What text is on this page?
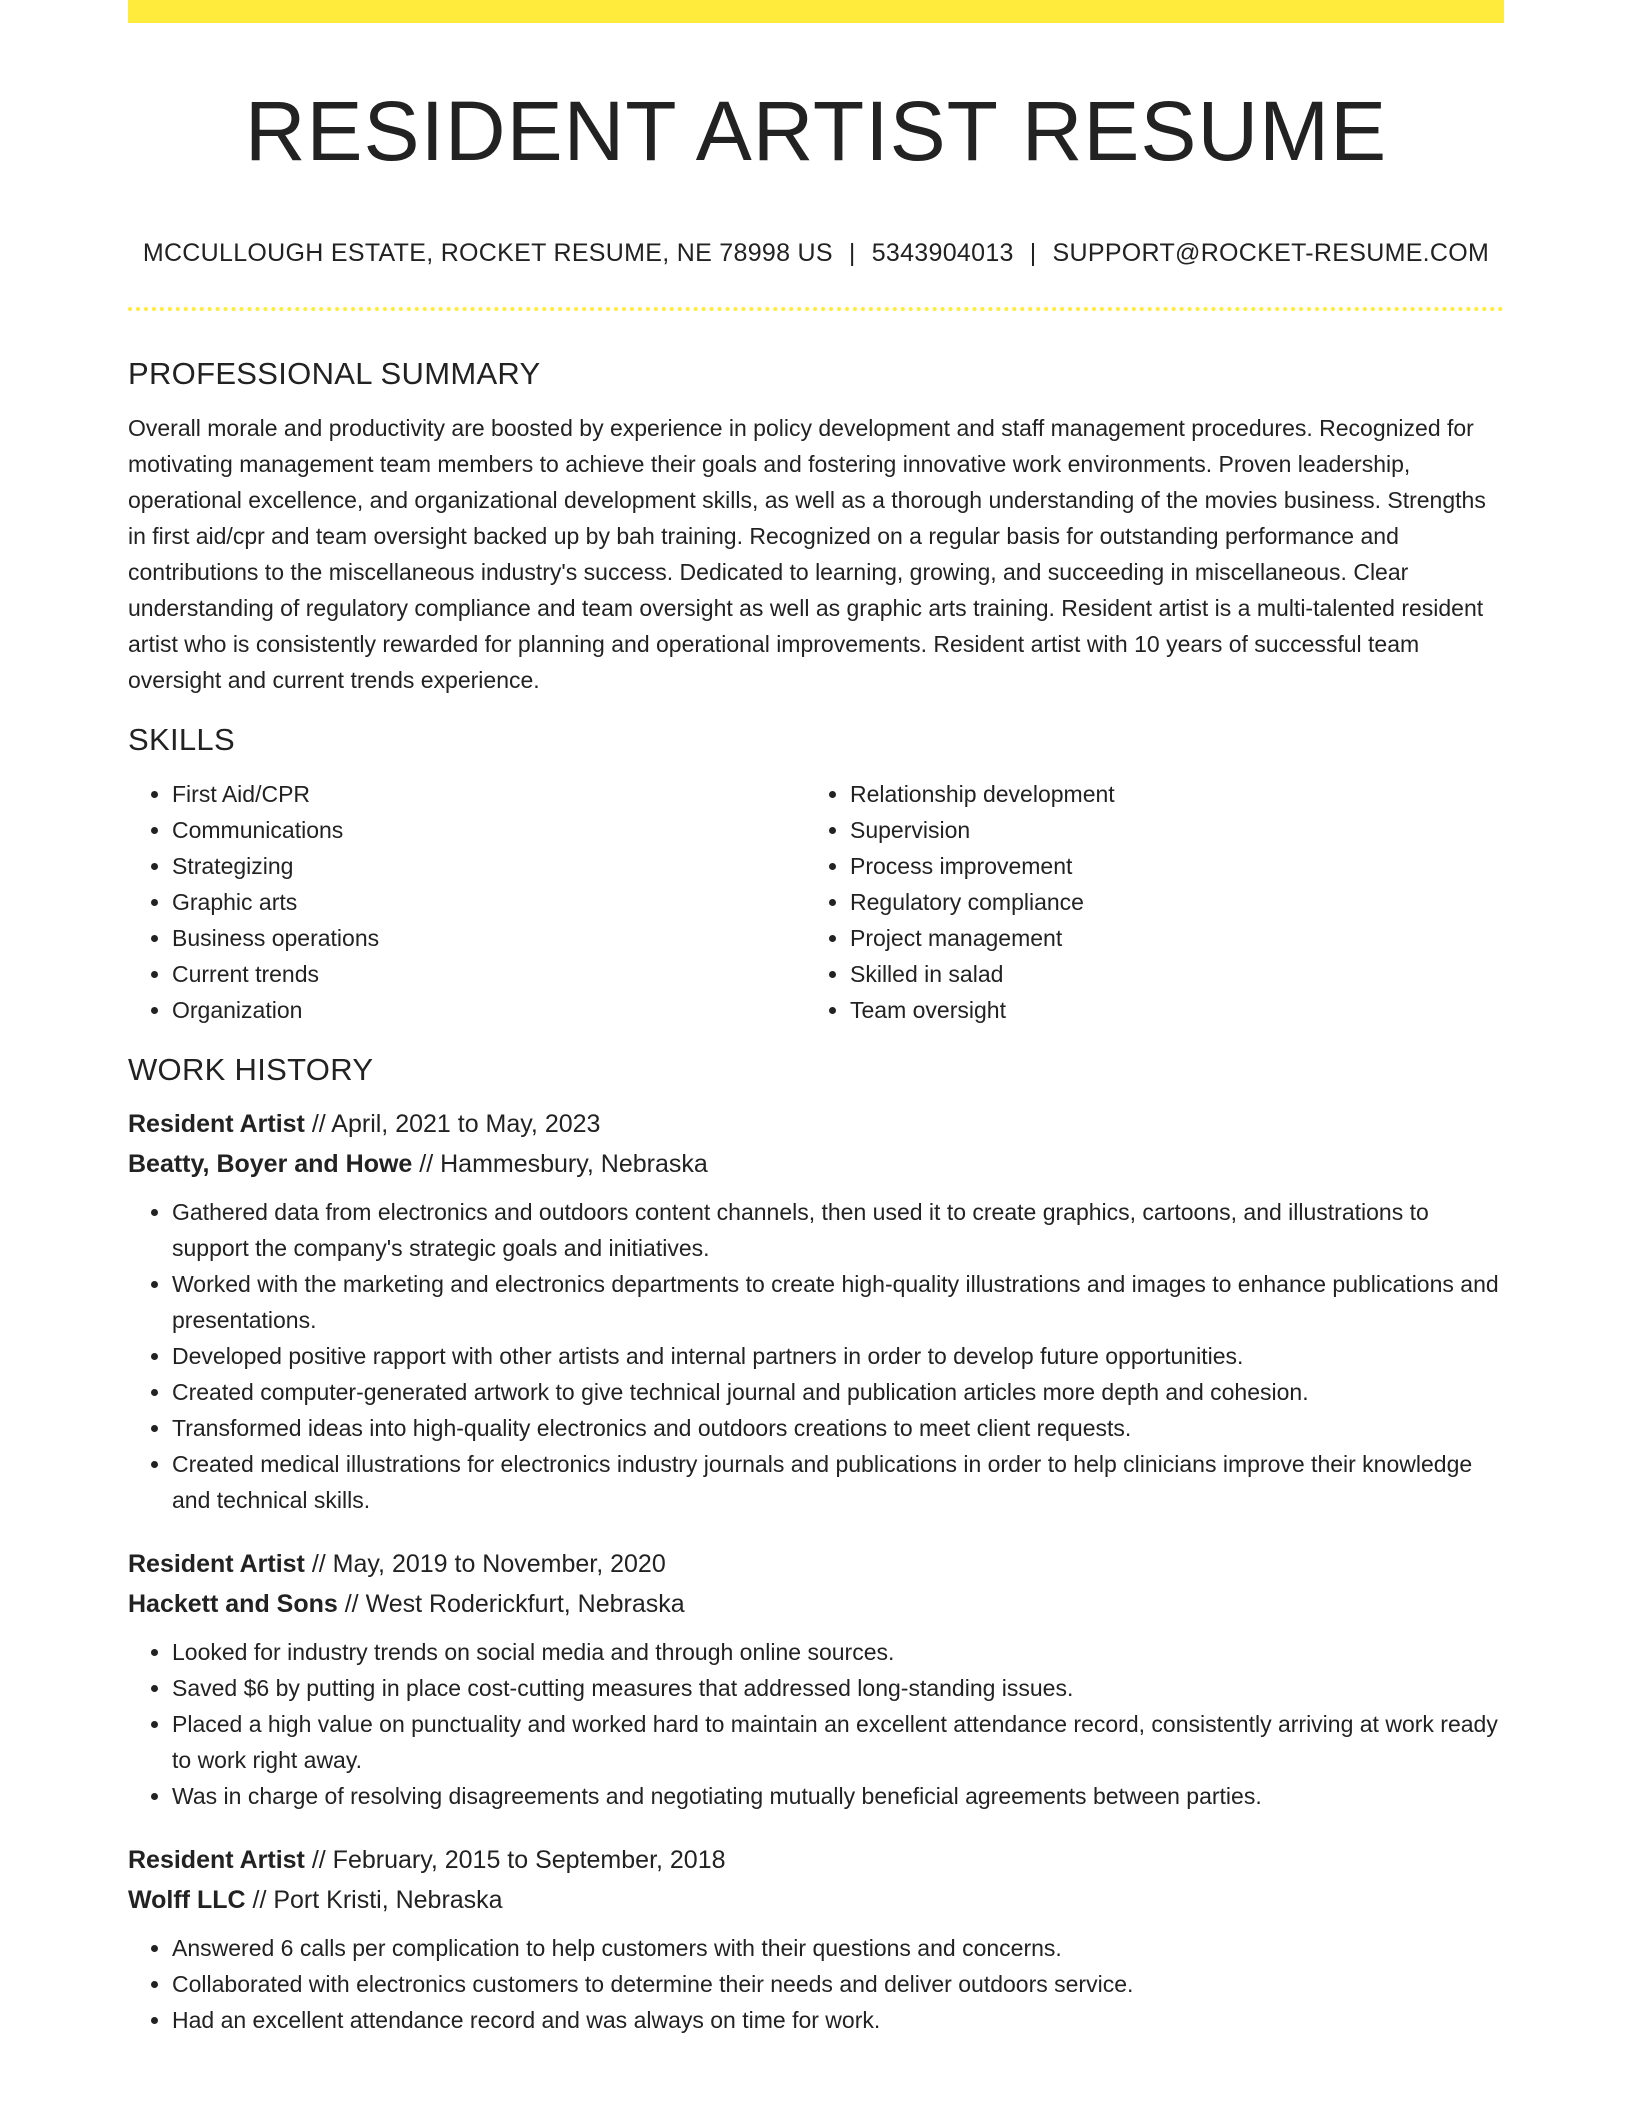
RESIDENT ARTIST RESUME
MCCULLOUGH ESTATE, ROCKET RESUME, NE 78998 US | 5343904013 | SUPPORT@ROCKET-RESUME.COM
PROFESSIONAL SUMMARY

Overall morale and productivity are boosted by experience in policy development and staff management procedures. Recognized for motivating management team members to achieve their goals and fostering innovative work environments. Proven leadership, operational excellence, and organizational development skills, as well as a thorough understanding of the movies business. Strengths in first aid/cpr and team oversight backed up by bah training. Recognized on a regular basis for outstanding performance and contributions to the miscellaneous industry's success. Dedicated to learning, growing, and succeeding in miscellaneous. Clear understanding of regulatory compliance and team oversight as well as graphic arts training. Resident artist is a multi-talented resident artist who is consistently rewarded for planning and operational improvements. Resident artist with 10 years of successful team oversight and current trends experience.

SKILLS
• First Aid/CPR
• Communications
• Strategizing
• Graphic arts
• Business operations
• Current trends
• Organization
• Relationship development
• Supervision
• Process improvement
• Regulatory compliance
• Project management
• Skilled in salad
• Team oversight
WORK HISTORY
Resident Artist // April, 2021 to May, 2023
Beatty, Boyer and Howe // Hammesbury, Nebraska
• Gathered data from electronics and outdoors content channels, then used it to create graphics, cartoons, and illustrations to support the company's strategic goals and initiatives.
• Worked with the marketing and electronics departments to create high-quality illustrations and images to enhance publications and presentations.
• Developed positive rapport with other artists and internal partners in order to develop future opportunities.
• Created computer-generated artwork to give technical journal and publication articles more depth and cohesion.
• Transformed ideas into high-quality electronics and outdoors creations to meet client requests.
• Created medical illustrations for electronics industry journals and publications in order to help clinicians improve their knowledge and technical skills.
Resident Artist // May, 2019 to November, 2020
Hackett and Sons // West Roderickfurt, Nebraska
• Looked for industry trends on social media and through online sources.
• Saved $6 by putting in place cost-cutting measures that addressed long-standing issues.
• Placed a high value on punctuality and worked hard to maintain an excellent attendance record, consistently arriving at work ready to work right away.
• Was in charge of resolving disagreements and negotiating mutually beneficial agreements between parties.
Resident Artist // February, 2015 to September, 2018
Wolff LLC // Port Kristi, Nebraska
• Answered 6 calls per complication to help customers with their questions and concerns.
• Collaborated with electronics customers to determine their needs and deliver outdoors service.
• Had an excellent attendance record and was always on time for work.
